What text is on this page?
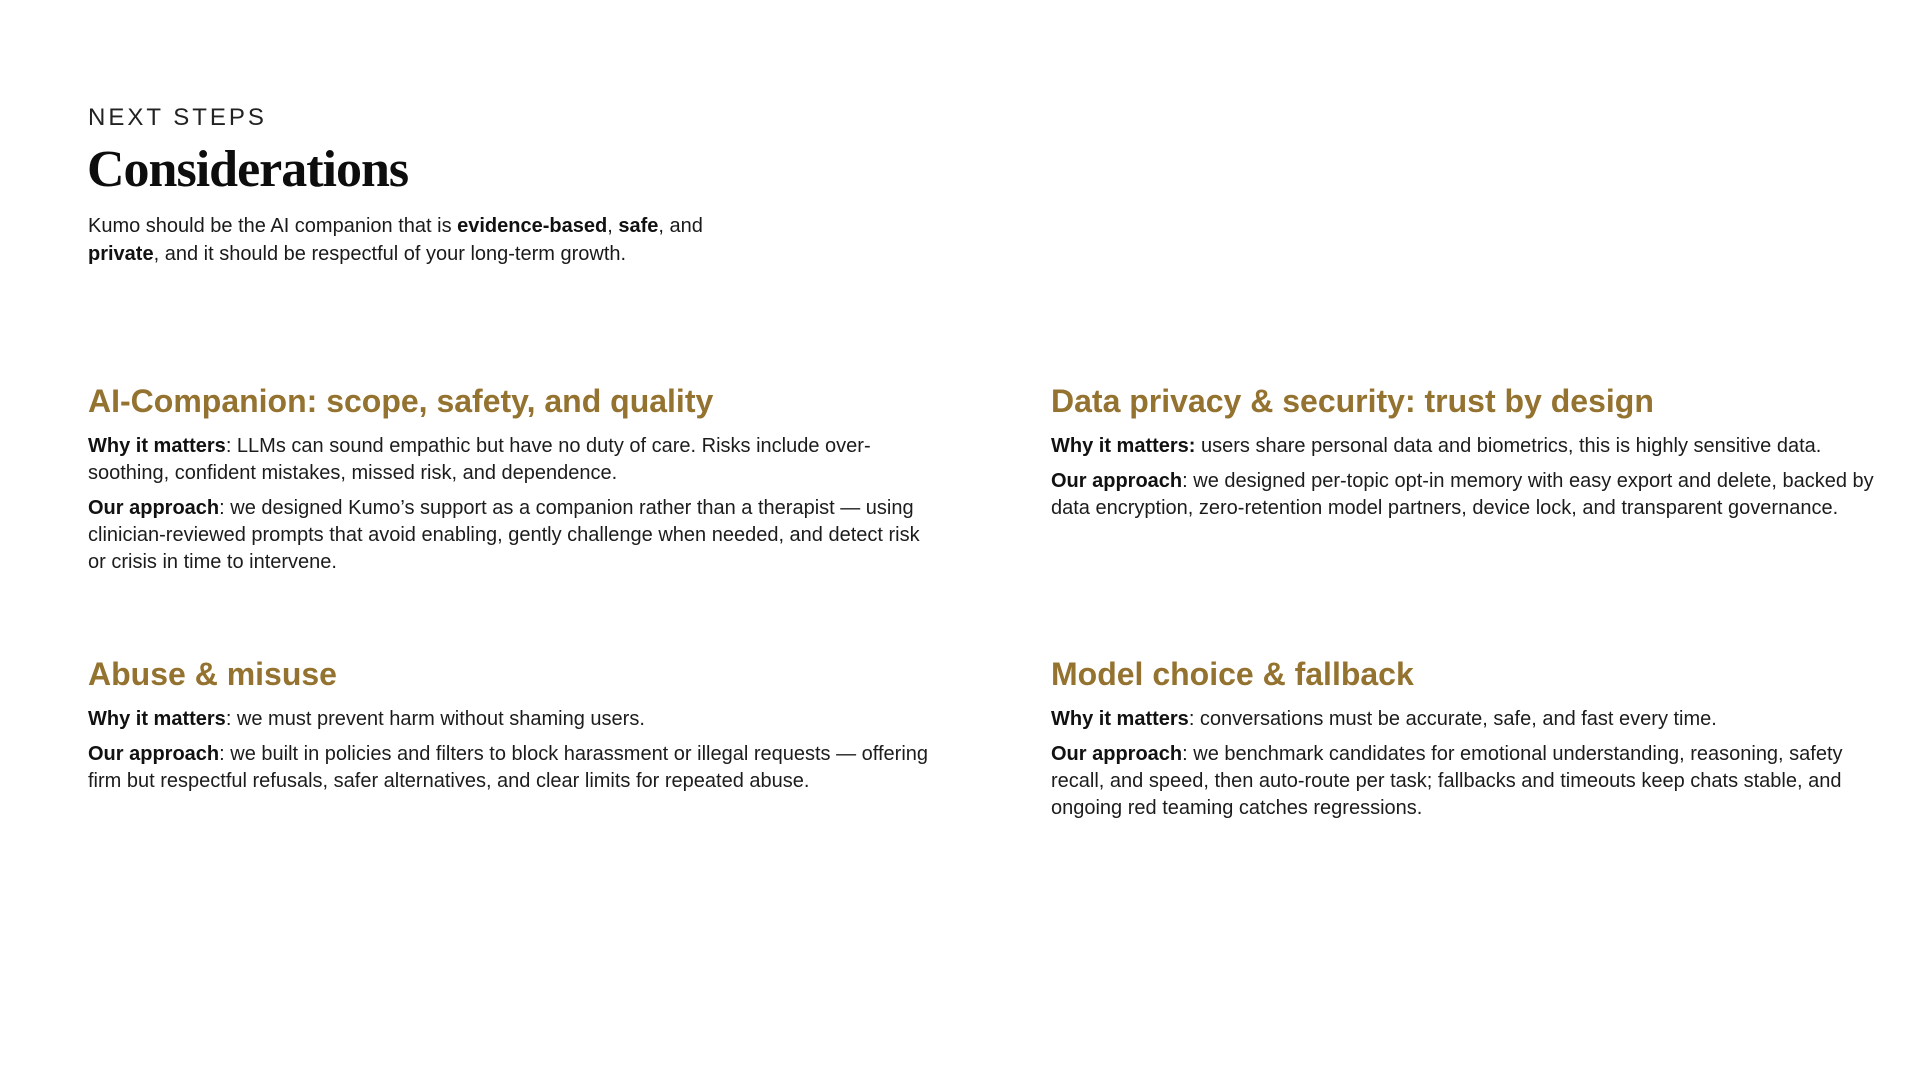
NEXT STEPS
Considerations

Kumo should be the AI companion that is evidence-based, safe, and
private, and it should be respectful of your long-term growth.

AI-Companion: scope, safety, and quality

Why it matters: LLMs can sound empathic but have no duty of care. Risks include over-soothing, confident mistakes, missed risk, and dependence.

Our approach: we designed Kumo’s support as a companion rather than a therapist — using clinician-reviewed prompts that avoid enabling, gently challenge when needed, and detect risk or crisis in time to intervene.

Data privacy & security: trust by design

Why it matters: users share personal data and biometrics, this is highly sensitive data.

Our approach: we designed per-topic opt-in memory with easy export and delete, backed by data encryption, zero-retention model partners, device lock, and transparent governance.

Abuse & misuse

Why it matters: we must prevent harm without shaming users.

Our approach: we built in policies and filters to block harassment or illegal requests — offering firm but respectful refusals, safer alternatives, and clear limits for repeated abuse.

Model choice & fallback

Why it matters: conversations must be accurate, safe, and fast every time.

Our approach: we benchmark candidates for emotional understanding, reasoning, safety recall, and speed, then auto-route per task; fallbacks and timeouts keep chats stable, and ongoing red teaming catches regressions.
